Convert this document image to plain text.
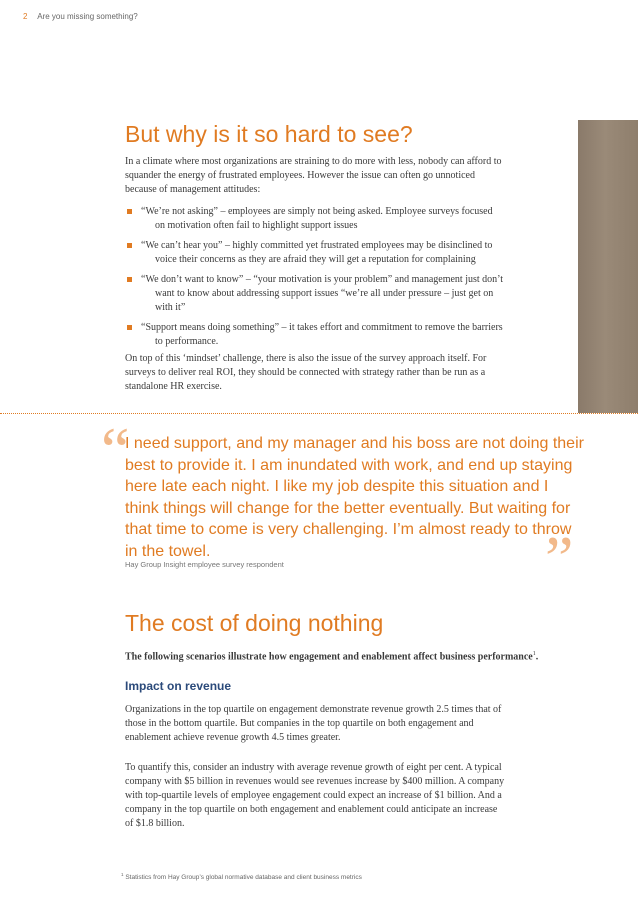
2 Are you missing something?
But why is it so hard to see?

In a climate where most organizations are straining to do more with less, nobody can afford to squander the energy of frustrated employees. However the issue can often go unnoticed because of management attitudes:

“We’re not asking” – employees are simply not being asked. Employee surveys focused on motivation often fail to highlight support issues
“We can’t hear you” – highly committed yet frustrated employees may be disinclined to voice their concerns as they are afraid they will get a reputation for complaining
“We don’t want to know” – “your motivation is your problem” and management just don’t want to know about addressing support issues “we’re all under pressure – just get on with it”
“Support means doing something” – it takes effort and commitment to remove the barriers to performance.

On top of this ‘mindset’ challenge, there is also the issue of the survey approach itself. For surveys to deliver real ROI, they should be connected with strategy rather than be run as a standalone HR exercise.

“

I need support, and my manager and his boss are not doing their best to provide it. I am inundated with work, and end up staying here late each night. I like my job despite this situation and I think things will change for the better eventually. But waiting for that time to come is very challenging. I’m almost ready to throw in the towel.	”
Hay Group Insight employee survey respondent
The cost of doing nothing

The following scenarios illustrate how engagement and enablement affect business performance$^1$.

Impact on revenue

Organizations in the top quartile on engagement demonstrate revenue growth 2.5 times that of those in the bottom quartile. But companies in the top quartile on both engagement and enablement achieve revenue growth 4.5 times greater.

To quantify this, consider an industry with average revenue growth of eight per cent. A typical company with $5 billion in revenues would see revenues increase by $400 million. A company with top-quartile levels of employee engagement could expect an increase of $1 billion. And a company in the top quartile on both engagement and enablement could anticipate an increase of $1.8 billion.

$^1$ Statistics from Hay Group’s global normative database and client business metrics
